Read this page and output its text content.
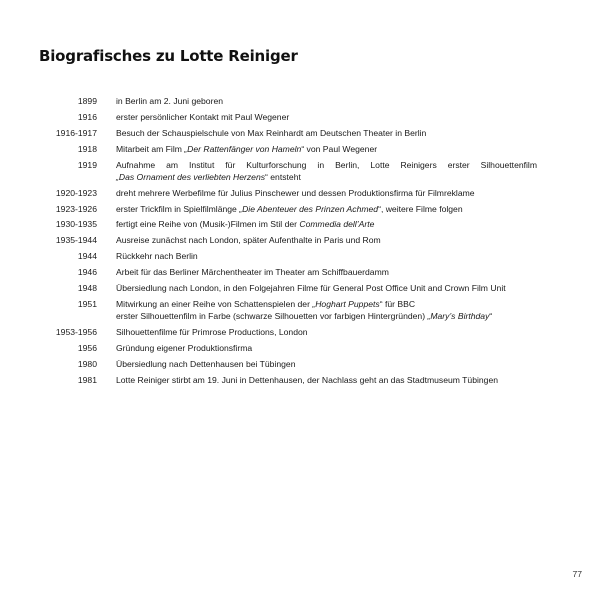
Biografisches zu Lotte Reiniger
1899 in Berlin am 2. Juni geboren
1916 erster persönlicher Kontakt mit Paul Wegener
1916-1917 Besuch der Schauspielschule von Max Reinhardt am Deutschen Theater in Berlin
1918 Mitarbeit am Film „Der Rattenfänger von Hameln“ von Paul Wegener
1919 Aufnahme am Institut für Kulturforschung in Berlin, Lotte Reinigers erster Silhouettenfilm
„Das Ornament des verliebten Herzens“ entsteht
1920-1923 dreht mehrere Werbefilme für Julius Pinschewer und dessen Produktionsfirma für Filmreklame
1923-1926 erster Trickfilm in Spielfilmlänge „Die Abenteuer des Prinzen Achmed“, weitere Filme folgen
1930-1935 fertigt eine Reihe von (Musik-)Filmen im Stil der Commedia dell’Arte
1935-1944 Ausreise zunächst nach London, später Aufenthalte in Paris und Rom
1944 Rückkehr nach Berlin
1946 Arbeit für das Berliner Märchentheater im Theater am Schiffbauerdamm
1948 Übersiedlung nach London, in den Folgejahren Filme für General Post Office Unit and Crown Film Unit
1951 Mitwirkung an einer Reihe von Schattenspielen der „Hoghart Puppets“ für BBC
erster Silhouettenfilm in Farbe (schwarze Silhouetten vor farbigen Hintergründen) „Mary’s Birthday“
1953-1956 Silhouettenfilme für Primrose Productions, London
1956 Gründung eigener Produktionsfirma
1980 Übersiedlung nach Dettenhausen bei Tübingen
1981 Lotte Reiniger stirbt am 19. Juni in Dettenhausen, der Nachlass geht an das Stadtmuseum Tübingen
77
